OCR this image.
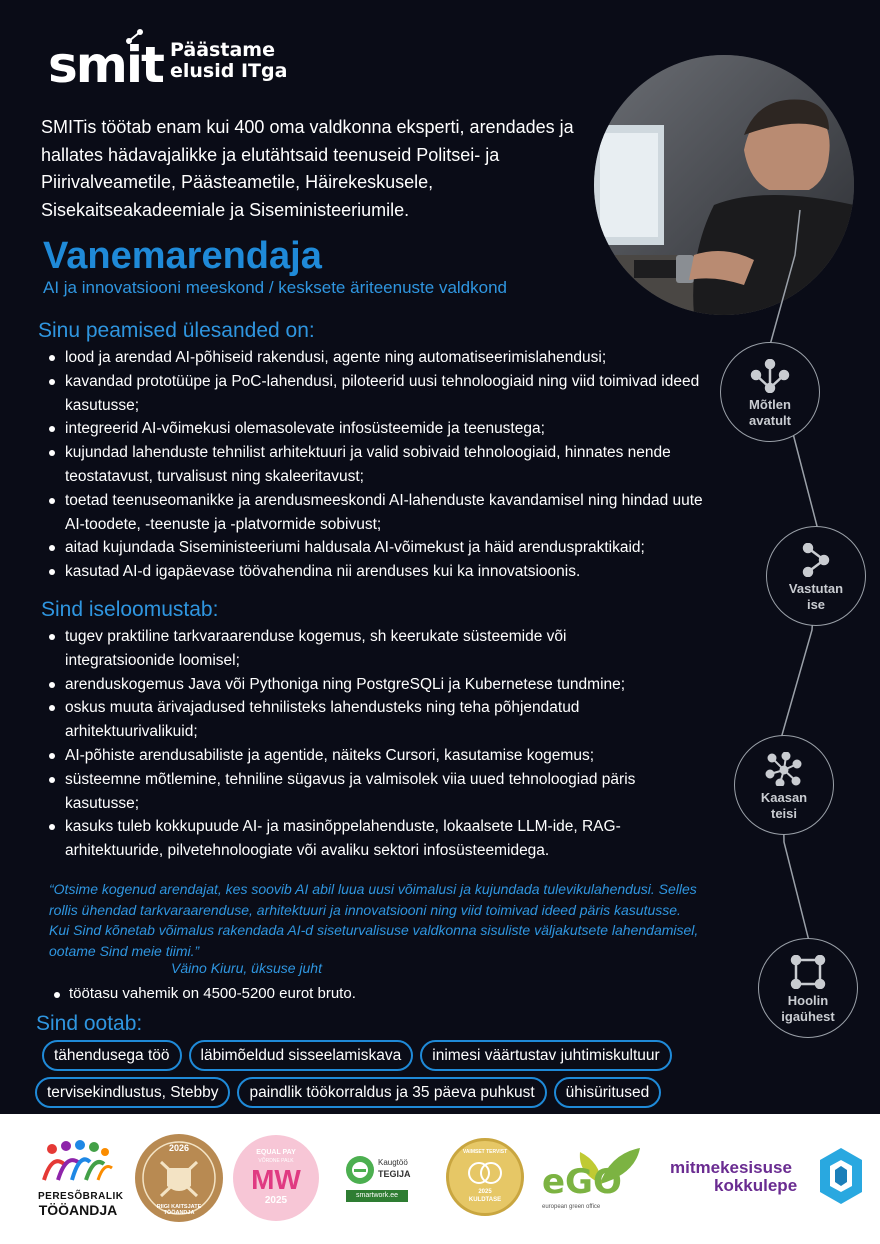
smit Päästame
elusid ITga
SMITis töötab enam kui 400 oma valdkonna eksperti, arendades ja hallates hädavajalikke ja elutähtsaid teenuseid Politsei- ja Piirivalveametile, Päästeametile, Häirekeskusele, Sisekaitseakadeemiale ja Siseministeeriumile.
Vanemarendaja
AI ja innovatsiooni meeskond / kesksete äriteenuste valdkond
Sinu peamised ülesanded on:
lood ja arendad AI-põhiseid rakendusi, agente ning automatiseerimislahendusi;
kavandad prototüüpe ja PoC-lahendusi, piloteerid uusi tehnoloogiaid ning viid toimivad ideed kasutusse;
integreerid AI-võimekusi olemasolevate infosüsteemide ja teenustega;
kujundad lahenduste tehnilist arhitektuuri ja valid sobivaid tehnoloogiaid, hinnates nende teostatavust, turvalisust ning skaleeritavust;
toetad teenuseomanikke ja arendusmeeskondi AI-lahenduste kavandamisel ning hindad uute AI-toodete, -teenuste ja -platvormide sobivust;
aitad kujundada Siseministeeriumi haldusala AI-võimekust ja häid arenduspraktikaid;
kasutad AI-d igapäevase töövahendina nii arenduses kui ka innovatsioonis.
Sind iseloomustab:
tugev praktiline tarkvaraarenduse kogemus, sh keerukate süsteemide või integratsioonide loomisel;
arenduskogemus Java või Pythoniga ning PostgreSQLi ja Kubernetese tundmine;
oskus muuta ärivajadused tehnilisteks lahendusteks ning teha põhjendatud arhitektuurivalikuid;
AI-põhiste arendusabiliste ja agentide, näiteks Cursori, kasutamise kogemus;
süsteemne mõtlemine, tehniline sügavus ja valmisolek viia uued tehnoloogiad päris kasutusse;
kasuks tuleb kokkupuude AI- ja masinõppelahenduste, lokaalsete LLM-ide, RAG-arhitektuuride, pilvetehnoloogiate või avaliku sektori infosüsteemidega.
“Otsime kogenud arendajat, kes soovib AI abil luua uusi võimalusi ja kujundada tulevikulahendusi. Selles rollis ühendad tarkvaraarenduse, arhitektuuri ja innovatsiooni ning viid toimivad ideed päris kasutusse. Kui Sind kõnetab võimalus rakendada AI-d siseturvalisuse valdkonna sisuliste väljakutsete lahendamisel, ootame Sind meie tiimi.”
Väino Kiuru, üksuse juht
töötasu vahemik on 4500-5200 eurot bruto.
Sind ootab:
tähendusega töö	läbimõeldud sisseelamiskava	inimesi väärtustav juhtimiskultuur
tervisekindlustus, Stebby	paindlik töökorraldus ja 35 päeva puhkust	ühisüritused
Mõtlen
avatult
Vastutan
ise
Kaasan
teisi
Hoolin
igaühest
PERESÕBRALIK
TÖÖANDJA
2026
RIIGI KAITSJATE TÖÖANDJA
EQUAL PAY
VÕRDNE PALK
MW
2025
Kaugtöö
TEGIJA
smartwork.ee
VAIMSET TERVIST
2025
KULDTASE	eGO
european green office
mitmekesisuse
kokkulepe
